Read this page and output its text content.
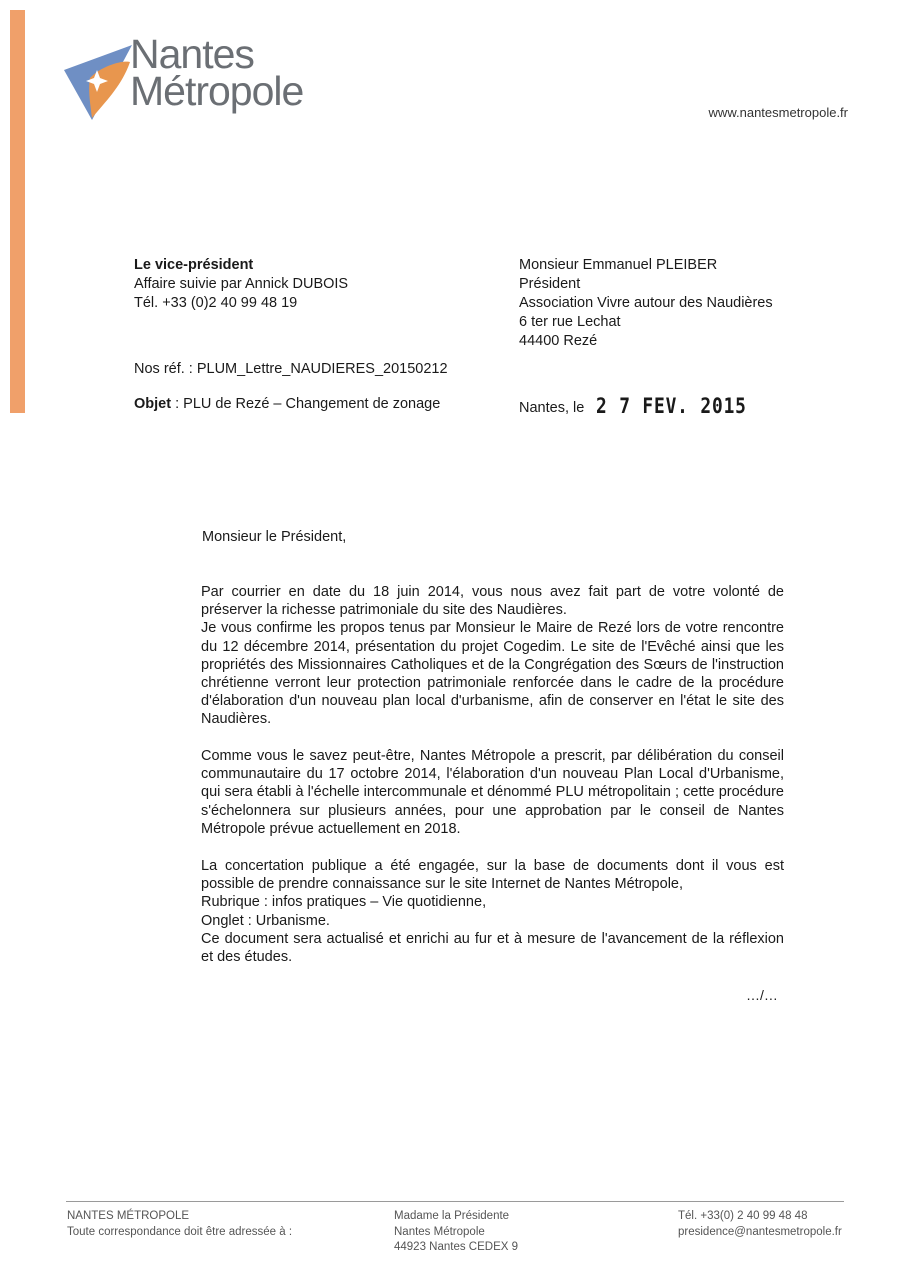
Nantes
Métropole	www.nantesmetropole.fr
Le vice-président
Affaire suivie par Annick DUBOIS
Tél. +33 (0)2 40 99 48 19
Monsieur Emmanuel PLEIBER
Président
Association Vivre autour des Naudières
6 ter rue Lechat
44400 Rezé
Nos réf. : PLUM_Lettre_NAUDIERES_20150212
Objet : PLU de Rezé – Changement de zonage	Nantes, le 2 7 FEV. 2015
Monsieur le Président,
Par courrier en date du 18 juin 2014, vous nous avez fait part de votre volonté de préserver la richesse patrimoniale du site des Naudières.
Je vous confirme les propos tenus par Monsieur le Maire de Rezé lors de votre rencontre du 12 décembre 2014, présentation du projet Cogedim. Le site de l'Evêché ainsi que les propriétés des Missionnaires Catholiques et de la Congrégation des Sœurs de l'instruction chrétienne verront leur protection patrimoniale renforcée dans le cadre de la procédure d'élaboration d'un nouveau plan local d'urbanisme, afin de conserver en l'état le site des Naudières.
Comme vous le savez peut-être, Nantes Métropole a prescrit, par délibération du conseil communautaire du 17 octobre 2014, l'élaboration d'un nouveau Plan Local d'Urbanisme, qui sera établi à l'échelle intercommunale et dénommé PLU métropolitain ; cette procédure s'échelonnera sur plusieurs années, pour une approbation par le conseil de Nantes Métropole prévue actuellement en 2018.
La concertation publique a été engagée, sur la base de documents dont il vous est possible de prendre connaissance sur le site Internet de Nantes Métropole,
Rubrique : infos pratiques – Vie quotidienne,
Onglet : Urbanisme.
Ce document sera actualisé et enrichi au fur et à mesure de l'avancement de la réflexion et des études.
…/…
NANTES MÉTROPOLE
Toute correspondance doit être adressée à :
Madame la Présidente
Nantes Métropole
44923 Nantes CEDEX 9
Tél. +33(0) 2 40 99 48 48
presidence@nantesmetropole.fr
